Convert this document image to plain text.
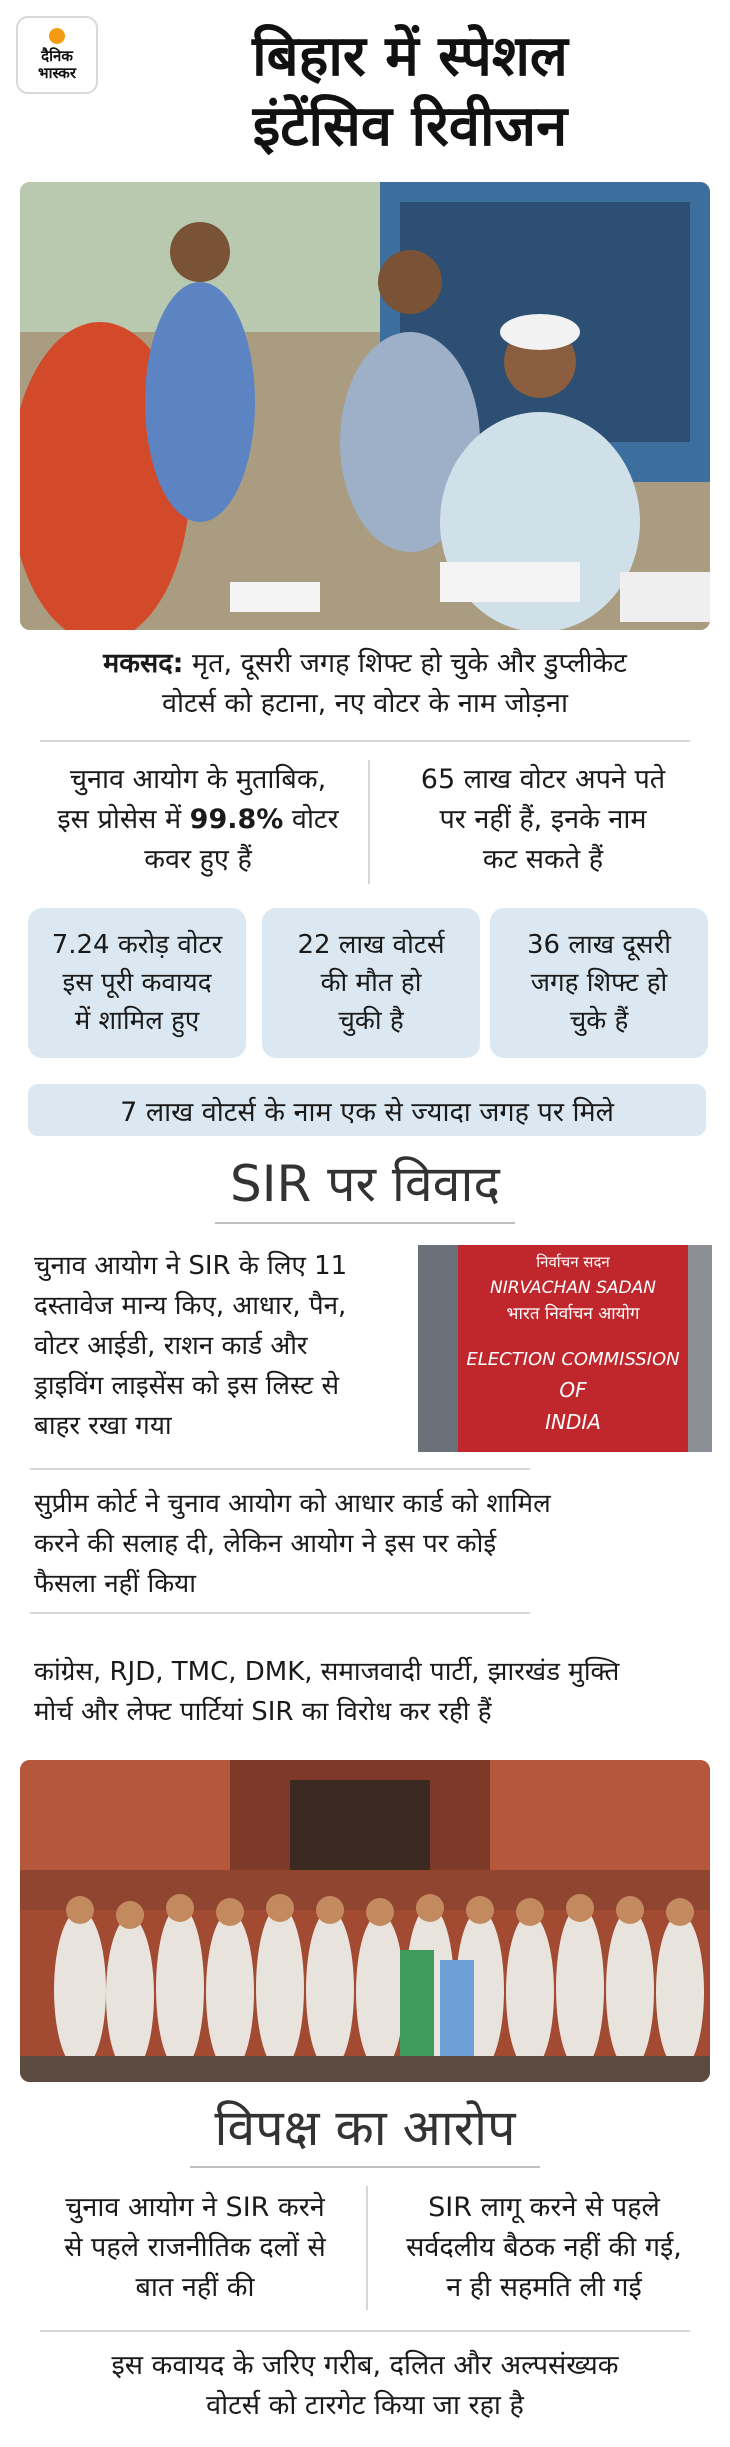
दैनिक
भास्कर	बिहार में स्पेशल
इंटेंसिव रिवीजन
मकसद: मृत, दूसरी जगह शिफ्ट हो चुके और डुप्लीकेट
वोटर्स को हटाना, नए वोटर के नाम जोड़ना
चुनाव आयोग के मुताबिक,
इस प्रोसेस में 99.8% वोटर
कवर हुए हैं
65 लाख वोटर अपने पते
पर नहीं हैं, इनके नाम
कट सकते हैं
7.24 करोड़ वोटर
इस पूरी कवायद
में शामिल हुए
22 लाख वोटर्स
की मौत हो
चुकी है
36 लाख दूसरी
जगह शिफ्ट हो
चुके हैं
7 लाख वोटर्स के नाम एक से ज्यादा जगह पर मिले
SIR पर विवाद
चुनाव आयोग ने SIR के लिए 11
दस्तावेज मान्य किए, आधार, पैन,
वोटर आईडी, राशन कार्ड और
ड्राइविंग लाइसेंस को इस लिस्ट से
बाहर रखा गया
निर्वाचन सदन
NIRVACHAN SADAN
भारत निर्वाचन आयोग
ELECTION COMMISSION
OF
INDIA
सुप्रीम कोर्ट ने चुनाव आयोग को आधार कार्ड को शामिल
करने की सलाह दी, लेकिन आयोग ने इस पर कोई
फैसला नहीं किया
कांग्रेस, RJD, TMC, DMK, समाजवादी पार्टी, झारखंड मुक्ति
मोर्च और लेफ्ट पार्टियां SIR का विरोध कर रही हैं
विपक्ष का आरोप
चुनाव आयोग ने SIR करने
से पहले राजनीतिक दलों से
बात नहीं की
SIR लागू करने से पहले
सर्वदलीय बैठक नहीं की गई,
न ही सहमति ली गई
इस कवायद के जरिए गरीब, दलित और अल्पसंख्यक
वोटर्स को टारगेट किया जा रहा है
